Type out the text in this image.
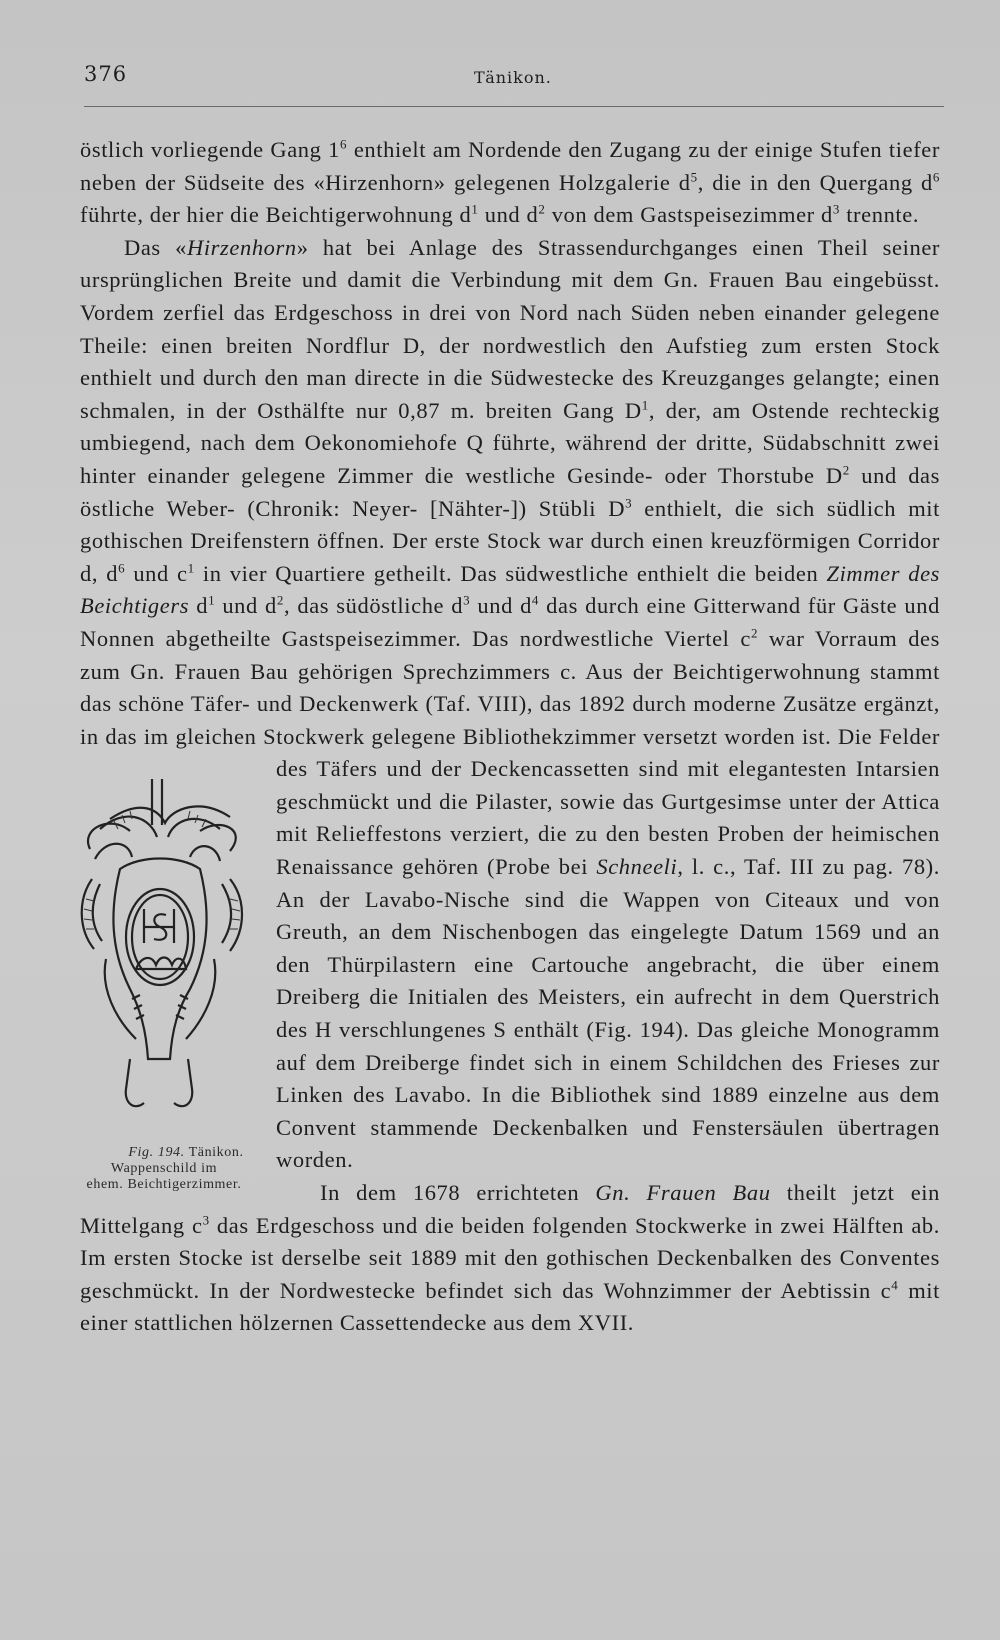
376	Tänikon.

östlich vorliegende Gang $1^6$ enthielt am Nordende den Zugang zu der einige Stufen tiefer neben der Südseite des «Hirzenhorn» gelegenen Holzgalerie $d^5$, die in den Quergang $d^6$ führte, der hier die Beichtigerwohnung $d^1$ und $d^2$ von dem Gastspeisezimmer $d^3$ trennte.

Das «Hirzenhorn» hat bei Anlage des Strassendurchganges einen Theil seiner ursprünglichen Breite und damit die Verbindung mit dem Gn. Frauen Bau eingebüsst. Vordem zerfiel das Erdgeschoss in drei von Nord nach Süden neben einander gelegene Theile: einen breiten Nordflur D, der nordwestlich den Aufstieg zum ersten Stock enthielt und durch den man directe in die Südwestecke des Kreuzganges gelangte; einen schmalen, in der Osthälfte nur 0,87 m. breiten Gang $D^1$, der, am Ostende rechteckig umbiegend, nach dem Oekonomiehofe Q führte, während der dritte, Südabschnitt zwei hinter einander gelegene Zimmer die westliche Gesinde- oder Thorstube $D^2$ und das östliche Weber- (Chronik: Neyer- [Nähter-]) Stübli $D^3$ enthielt, die sich südlich mit gothischen Dreifenstern öffnen. Der erste Stock war durch einen kreuzförmigen Corridor d, $d^6$ und $c^1$ in vier Quartiere getheilt. Das südwestliche enthielt die beiden Zimmer des Beichtigers $d^1$ und $d^2$, das südöstliche $d^3$ und $d^4$ das durch eine Gitterwand für Gäste und Nonnen abgetheilte Gastspeisezimmer. Das nordwestliche Viertel $c^2$ war Vorraum des zum Gn. Frauen Bau gehörigen Sprechzimmers c. Aus der Beichtigerwohnung stammt das schöne Täfer- und Deckenwerk (Taf. VIII), das 1892 durch moderne Zusätze ergänzt, in das im gleichen Stockwerk gelegene Bibliothekzimmer versetzt worden ist. Die Felder des Täfers und der Deckencassetten sind mit
Fig. 194. Tänikon.
Wappenschild im
ehem. Beichtigerzimmer.
elegantesten Intarsien geschmückt und die Pilaster, sowie das Gurtgesimse unter der Attica mit Relieffestons verziert, die zu den besten Proben der heimischen Renaissance gehören (Probe bei Schneeli, l. c., Taf. III zu pag. 78). An der Lavabo-Nische sind die Wappen von Citeaux und von Greuth, an dem Nischenbogen das eingelegte Datum 1569 und an den Thürpilastern eine Cartouche angebracht, die über einem Dreiberg die Initialen des Meisters, ein aufrecht in dem Querstrich des H verschlungenes S enthält (Fig. 194). Das gleiche Monogramm auf dem Dreiberge findet sich in einem Schildchen des Frieses zur Linken des Lavabo. In die Bibliothek sind 1889 einzelne aus dem Convent stammende Deckenbalken und Fenstersäulen übertragen worden.

In dem 1678 errichteten Gn. Frauen Bau theilt jetzt ein Mittelgang $c^3$ das Erdgeschoss und die beiden folgenden Stockwerke in zwei Hälften ab. Im ersten Stocke ist derselbe seit 1889 mit den gothischen Deckenbalken des Conventes geschmückt. In der Nordwestecke befindet sich das Wohnzimmer der Aebtissin $c^4$ mit einer stattlichen hölzernen Cassettendecke aus dem XVII.
